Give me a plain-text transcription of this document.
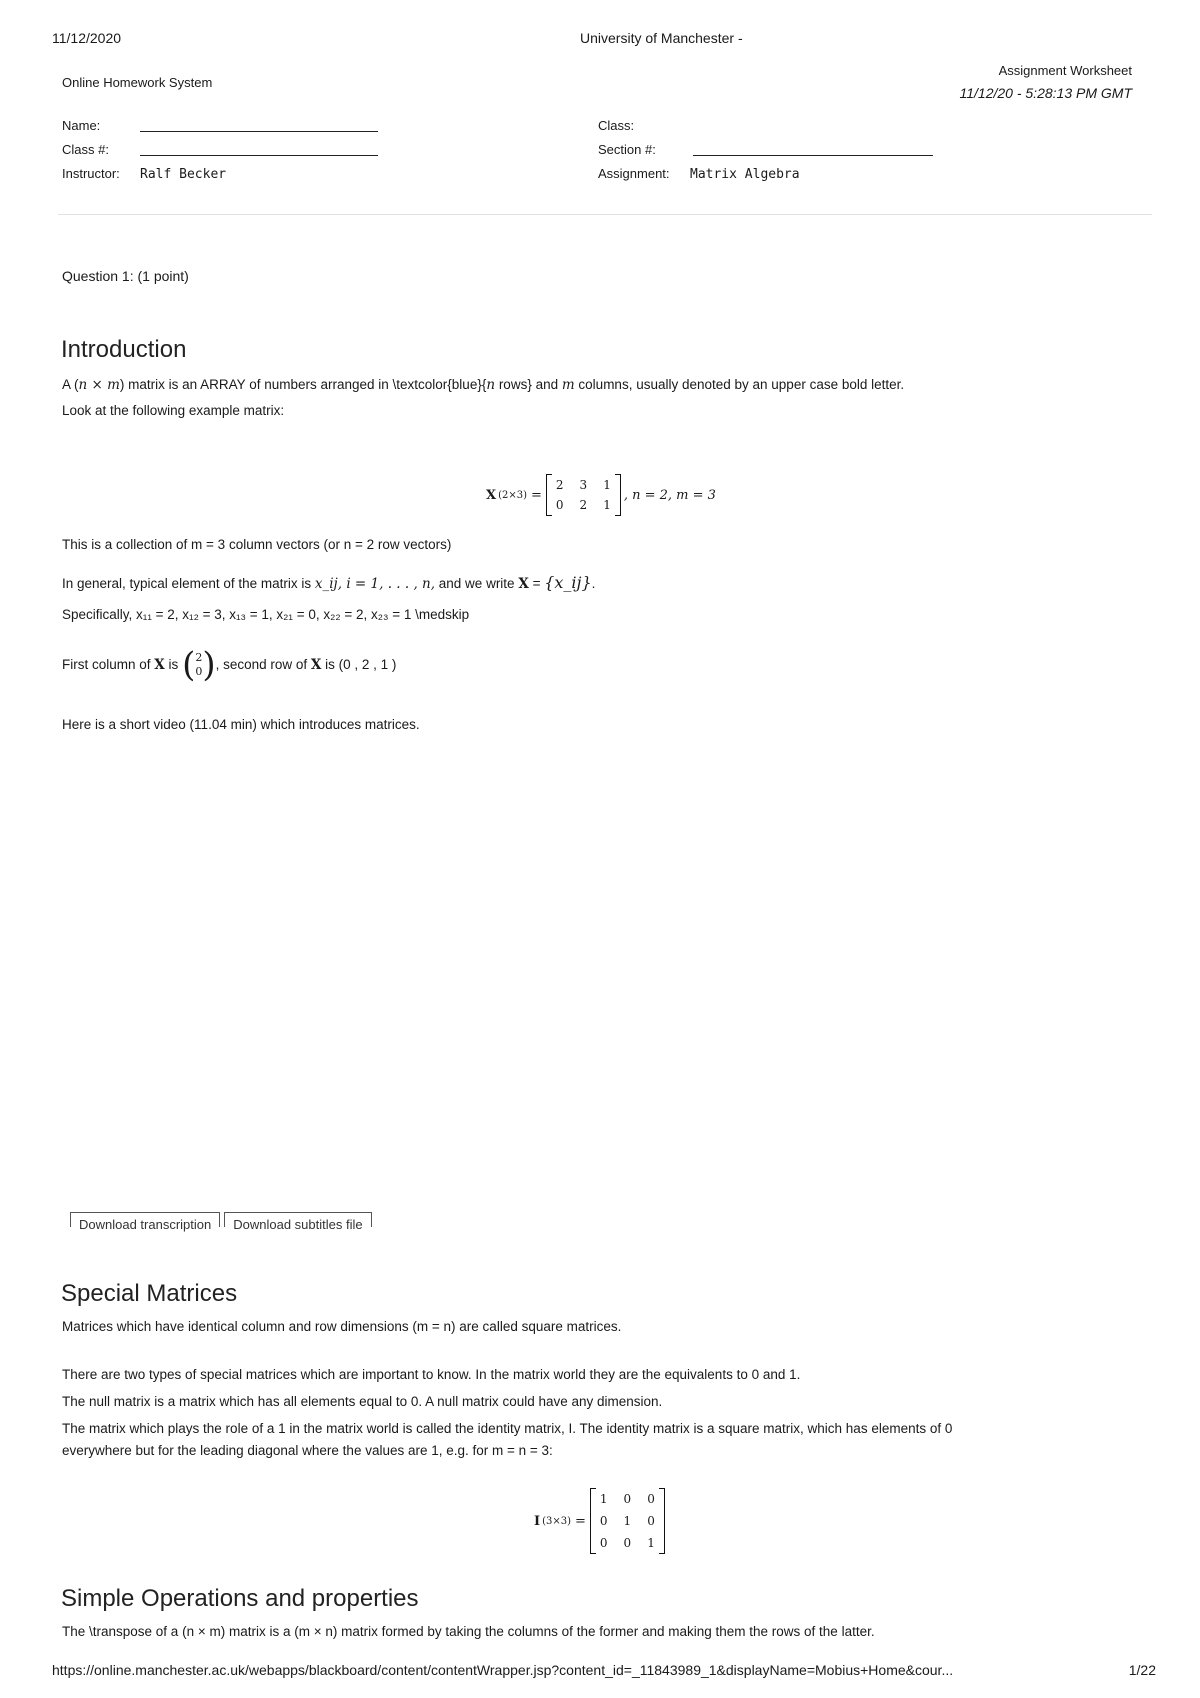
11/12/2020	University of Manchester -
Online Homework System
Assignment Worksheet
11/12/20 - 5:28:13 PM GMT
Name:
Class #:
Instructor: Ralf Becker
Class:
Section #:
Assignment: Matrix Algebra
Question 1: (1 point)
Introduction
A (n × m) matrix is an ARRAY of numbers arranged in \textcolor{blue}{n rows} and m columns, usually denoted by an upper case bold letter.
Look at the following example matrix:
X (2×3) =
2 3 1
0 2 1
, n = 2, m = 3
This is a collection of m = 3 column vectors (or n = 2 row vectors)
In general, typical element of the matrix is x_ij, i = 1, . . . , n, and we write X = {x_ij}.
Specifically, x₁₁ = 2, x₁₂ = 3, x₁₃ = 1, x₂₁ = 0, x₂₂ = 2, x₂₃ = 1 \medskip
First column of
X
is
( 2
0 ) , second row of
X
is (0 , 2 , 1 )
Here is a short video (11.04 min) which introduces matrices.
Download transcription	Download subtitles file
Special Matrices
Matrices which have identical column and row dimensions (m = n) are called square matrices.
There are two types of special matrices which are important to know. In the matrix world they are the equivalents to 0 and 1.
The null matrix is a matrix which has all elements equal to 0. A null matrix could have any dimension.
The matrix which plays the role of a 1 in the matrix world is called the identity matrix, I. The identity matrix is a square matrix, which has elements of 0
everywhere but for the leading diagonal where the values are 1, e.g. for m = n = 3:
I (3×3) =
1 0 0
0 1 0
0 0 1
Simple Operations and properties
The \transpose of a (n × m) matrix is a (m × n) matrix formed by taking the columns of the former and making them the rows of the latter.
https://online.manchester.ac.uk/webapps/blackboard/content/contentWrapper.jsp?content_id=_11843989_1&displayName=Mobius+Home&cour...	1/22
